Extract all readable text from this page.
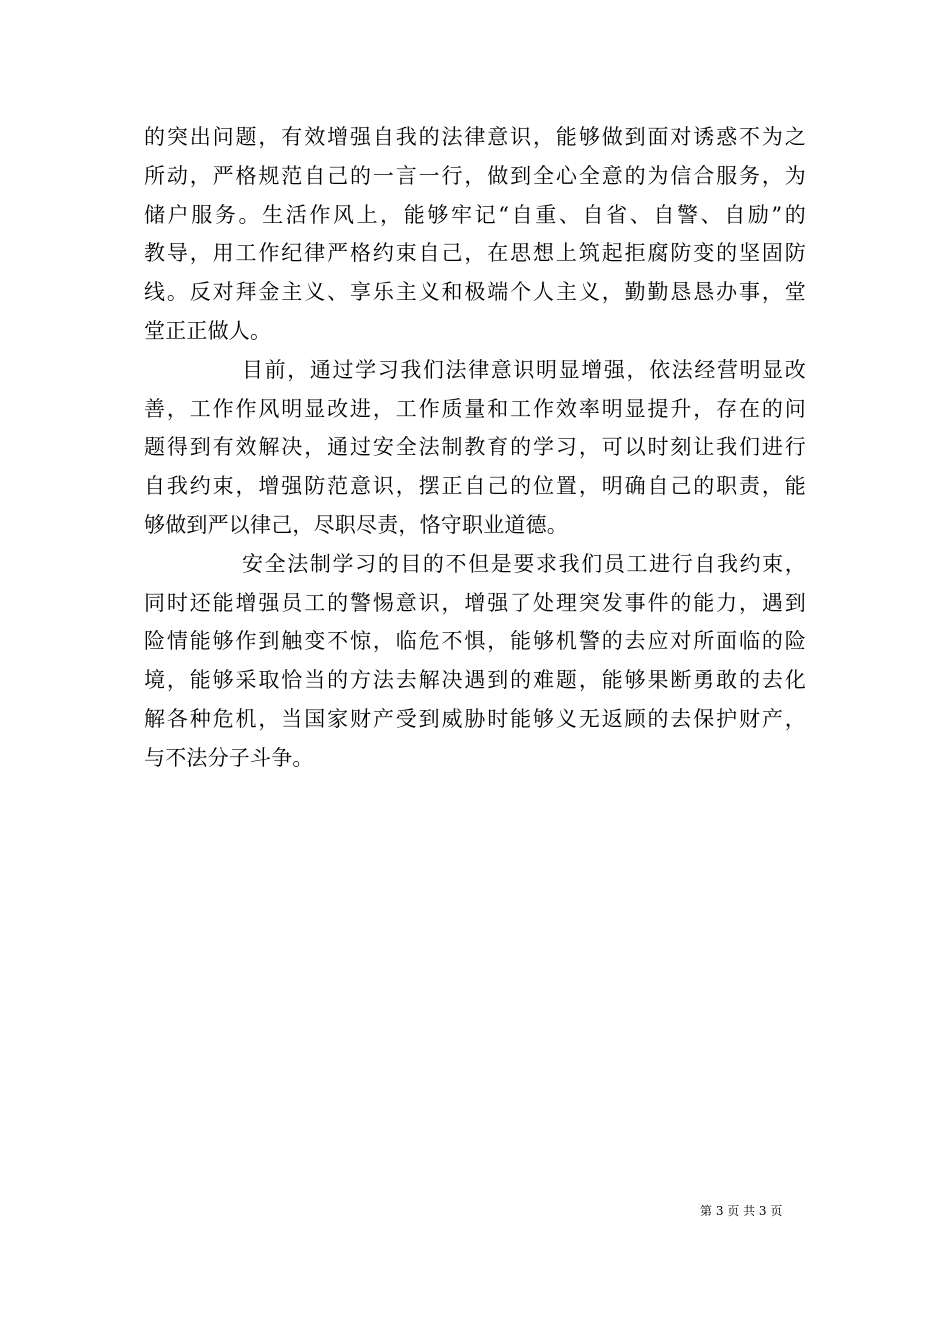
的突出问题，有效增强自我的法律意识，能够做到面对诱惑不为之
所动，严格规范自己的一言一行，做到全心全意的为信合服务，为
储户服务。生活作风上，能够牢记“自重、自省、自警、自励”的
教导，用工作纪律严格约束自己，在思想上筑起拒腐防变的坚固防
线。反对拜金主义、享乐主义和极端个人主义，勤勤恳恳办事，堂
堂正正做人。
目前，通过学习我们法律意识明显增强，依法经营明显改
善，工作作风明显改进，工作质量和工作效率明显提升，存在的问
题得到有效解决，通过安全法制教育的学习，可以时刻让我们进行
自我约束，增强防范意识，摆正自己的位置，明确自己的职责，能
够做到严以律己，尽职尽责，恪守职业道德。
安全法制学习的目的不但是要求我们员工进行自我约束，
同时还能增强员工的警惕意识，增强了处理突发事件的能力，遇到
险情能够作到触变不惊，临危不惧，能够机警的去应对所面临的险
境，能够采取恰当的方法去解决遇到的难题，能够果断勇敢的去化
解各种危机，当国家财产受到威胁时能够义无返顾的去保护财产，
与不法分子斗争。
第 3 页 共 3 页
